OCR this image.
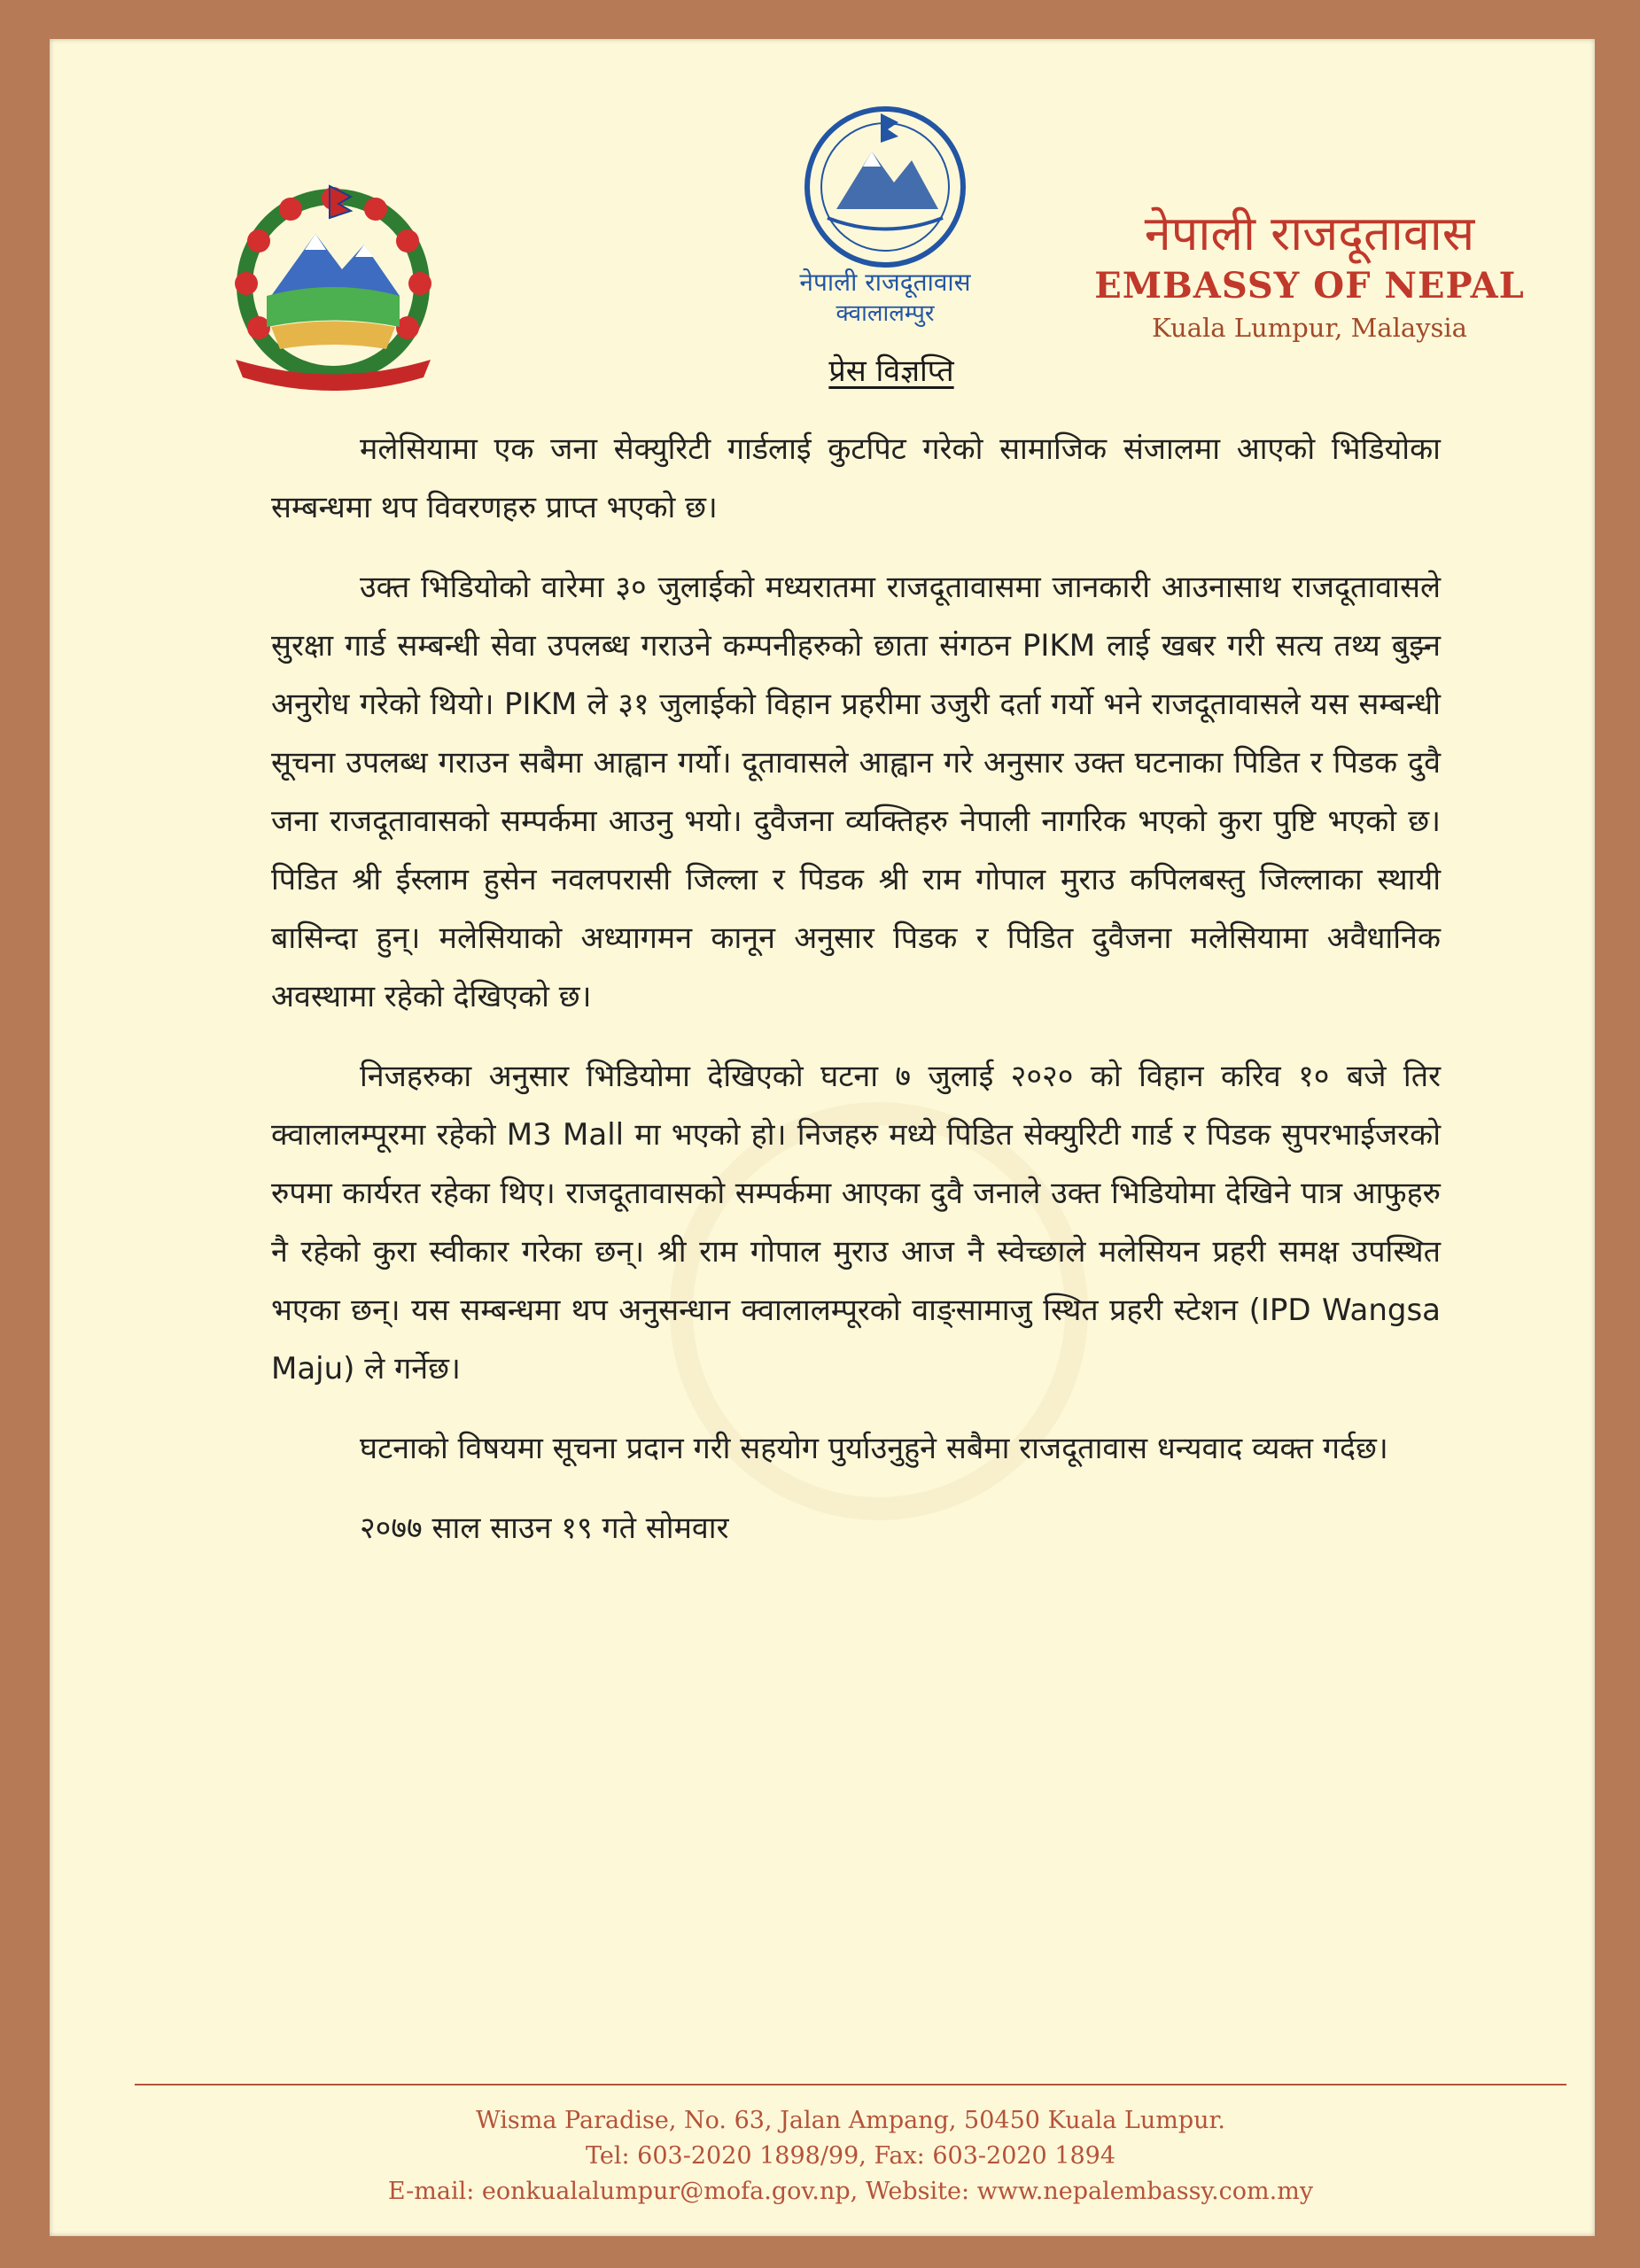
नेपाली राजदूतावास
क्वालालम्पुर
नेपाली राजदूतावास
EMBASSY OF NEPAL
Kuala Lumpur, Malaysia
प्रेस विज्ञप्ति

मलेसियामा एक जना सेक्युरिटी गार्डलाई कुटपिट गरेको सामाजिक संजालमा आएको भिडियोका सम्बन्धमा थप विवरणहरु प्राप्त भएको छ।

उक्त भिडियोको वारेमा ३० जुलाईको मध्यरातमा राजदूतावासमा जानकारी आउनासाथ राजदूतावासले सुरक्षा गार्ड सम्बन्धी सेवा उपलब्ध गराउने कम्पनीहरुको छाता संगठन PIKM लाई खबर गरी सत्य तथ्य बुझ्न अनुरोध गरेको थियो। PIKM ले ३१ जुलाईको विहान प्रहरीमा उजुरी दर्ता गर्यो भने राजदूतावासले यस सम्बन्धी सूचना उपलब्ध गराउन सबैमा आह्वान गर्यो। दूतावासले आह्वान गरे अनुसार उक्त घटनाका पिडित र पिडक दुवै जना राजदूतावासको सम्पर्कमा आउनु भयो। दुवैजना व्यक्तिहरु नेपाली नागरिक भएको कुरा पुष्टि भएको छ। पिडित श्री ईस्लाम हुसेन नवलपरासी जिल्ला र पिडक श्री राम गोपाल मुराउ कपिलबस्तु जिल्लाका स्थायी बासिन्दा हुन्। मलेसियाको अध्यागमन कानून अनुसार पिडक र पिडित दुवैजना मलेसियामा अवैधानिक अवस्थामा रहेको देखिएको छ।

निजहरुका अनुसार भिडियोमा देखिएको घटना ७ जुलाई २०२० को विहान करिव १० बजे तिर क्वालालम्पूरमा रहेको M3 Mall मा भएको हो। निजहरु मध्ये पिडित सेक्युरिटी गार्ड र पिडक सुपरभाईजरको रुपमा कार्यरत रहेका थिए। राजदूतावासको सम्पर्कमा आएका दुवै जनाले उक्त भिडियोमा देखिने पात्र आफुहरु नै रहेको कुरा स्वीकार गरेका छन्। श्री राम गोपाल मुराउ आज नै स्वेच्छाले मलेसियन प्रहरी समक्ष उपस्थित भएका छन्। यस सम्बन्धमा थप अनुसन्धान क्वालालम्पूरको वाङ्सामाजु स्थित प्रहरी स्टेशन (IPD Wangsa Maju) ले गर्नेछ।

घटनाको विषयमा सूचना प्रदान गरी सहयोग पुर्याउनुहुने सबैमा राजदूतावास धन्यवाद व्यक्त गर्दछ।

२०७७ साल साउन १९ गते सोमवार
Wisma Paradise, No. 63, Jalan Ampang, 50450 Kuala Lumpur.
Tel: 603-2020 1898/99, Fax: 603-2020 1894
E-mail: eonkualalumpur@mofa.gov.np, Website: www.nepalembassy.com.my
